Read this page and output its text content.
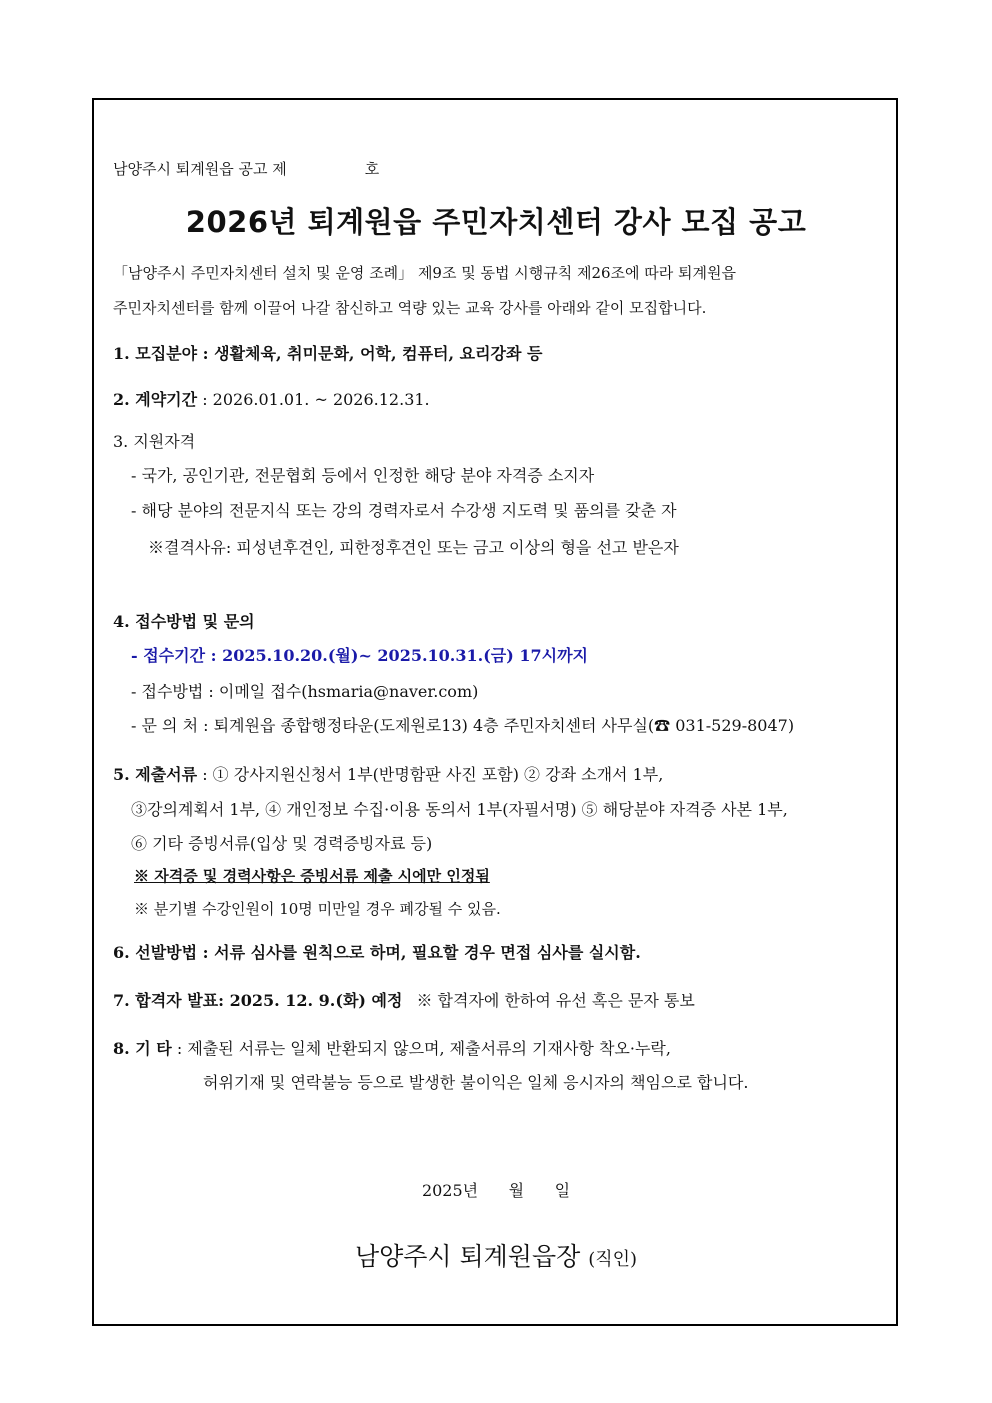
남양주시 퇴계원읍 공고 제	호
2026년 퇴계원읍 주민자치센터 강사 모집 공고
「남양주시 주민자치센터 설치 및 운영 조례」 제9조 및 동법 시행규칙 제26조에 따라 퇴계원읍
주민자치센터를 함께 이끌어 나갈 참신하고 역량 있는 교육 강사를 아래와 같이 모집합니다.
1. 모집분야 : 생활체육, 취미문화, 어학, 컴퓨터, 요리강좌 등
2. 계약기간 : 2026.01.01. ~ 2026.12.31.
3. 지원자격
- 국가, 공인기관, 전문협회 등에서 인정한 해당 분야 자격증 소지자
- 해당 분야의 전문지식 또는 강의 경력자로서 수강생 지도력 및 품의를 갖춘 자
※결격사유: 피성년후견인, 피한정후견인 또는 금고 이상의 형을 선고 받은자
4. 접수방법 및 문의
- 접수기간 : 2025.10.20.(월)~ 2025.10.31.(금) 17시까지
- 접수방법 : 이메일 접수(hsmaria@naver.com)
- 문 의 처 : 퇴계원읍 종합행정타운(도제원로13) 4층 주민자치센터 사무실(☎ 031-529-8047)
5. 제출서류 : ① 강사지원신청서 1부(반명함판 사진 포함) ② 강좌 소개서 1부,
③강의계획서 1부, ④ 개인정보 수집·이용 동의서 1부(자필서명) ⑤ 해당분야 자격증 사본 1부,
⑥ 기타 증빙서류(입상 및 경력증빙자료 등)
※ 자격증 및 경력사항은 증빙서류 제출 시에만 인정됨
※ 분기별 수강인원이 10명 미만일 경우 폐강될 수 있음.
6. 선발방법 : 서류 심사를 원칙으로 하며, 필요할 경우 면접 심사를 실시함.
7. 합격자 발표: 2025. 12. 9.(화) 예정 ※ 합격자에 한하여 유선 혹은 문자 통보
8. 기 타 : 제출된 서류는 일체 반환되지 않으며, 제출서류의 기재사항 착오·누락,
허위기재 및 연락불능 등으로 발생한 불이익은 일체 응시자의 책임으로 합니다.
2025년      월      일
남양주시 퇴계원읍장 (직인)
